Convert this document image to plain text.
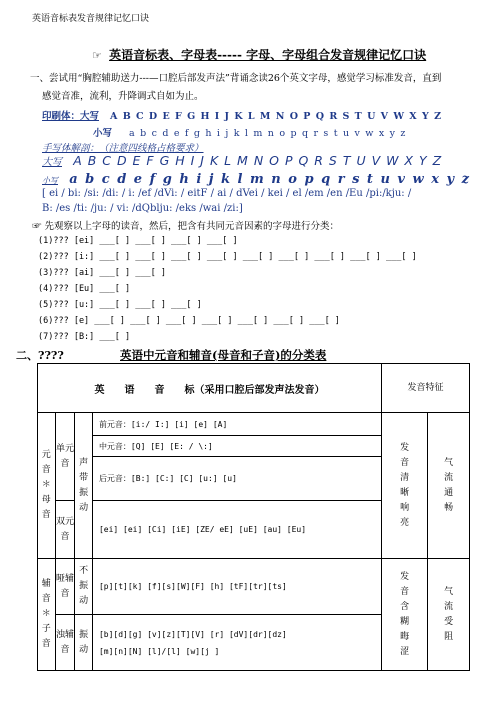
英语音标表发音规律记忆口诀
☞ 英语音标表、字母表----- 字母、字母组合发音规律记忆口诀
一、尝试用“胸腔辅助送力---—口腔后部发声法”背诵念读26个英文字母，感觉学习标准发音，直到
感觉音准，流利，升降调式自如为止。
印刷体：大写 A B C D E F G H I J K L M N O P Q R S T U V W X Y Z
小写 a b c d e f g h i j k l m n o p q r s t u v w x y z
手写体解剖：（注意四线格占格要求）
大写 A B C D E F G H I J K L M N O P Q R S T U V W X Y Z
小写 a b c d e f g h i j k l m n o p q r s t u v w x y z
[ ei / bi: /si: /di: / i: /ef /dVi: / eitF / ai / dVei / kei / el /em /en /Eu /pi:/kju: /
B: /es /ti: /ju: / vi: /dQblju: /eks /wai /zi:]
☞ 先观察以上字母的读音，然后，把含有共同元音因素的字母进行分类：
(1)​??? [ei] ___[ ] ___[ ] ___[ ] ___[ ]
(2)​??? [i:] ___[ ] ___[ ] ___[ ] ___[ ] ___[ ] ___[ ] ___[ ] ___[ ] ___[ ]
(3)​??? [ai] ___[ ] ___[ ]
(4)​??? [Eu] ___[ ]
(5)​??? [u:] ___[ ] ___[ ] ___[ ]
(6)​??? [e] ___[ ] ___[ ] ___[ ] ___[ ] ___[ ] ___[ ] ___[ ]
(7)​??? [B:] ___[ ]
二、????	英语中元音和辅音(母音和子音)的分类表
英　　语　　音　　标（采用口腔后部发声法发音）				发音特征	
元音＊母音	单元音	声带振动	前元音：[i:/ I:] [i] [e] [A]	发音清晰响亮	气流通畅
			中元音：[Q] [E] [E: / \:]		
			后元音：[B:] [C:] [C] [u:] [u]		
	双元音		[ei] [ei] [Ci] [iE] [ZE/ eE] [uE] [au] [Eu]		
辅音＊子音	哑辅音	不振动	[p][t][k] [f][s][W][F] [h] [tF][tr][ts]	发音含糊晦涩	气流受阻
	浊辅音	振动	[b][d][g] [v][z][T][V] [r] [dV][dr][dz]
[m][n][N] [l]/[l] [w][j ]		
